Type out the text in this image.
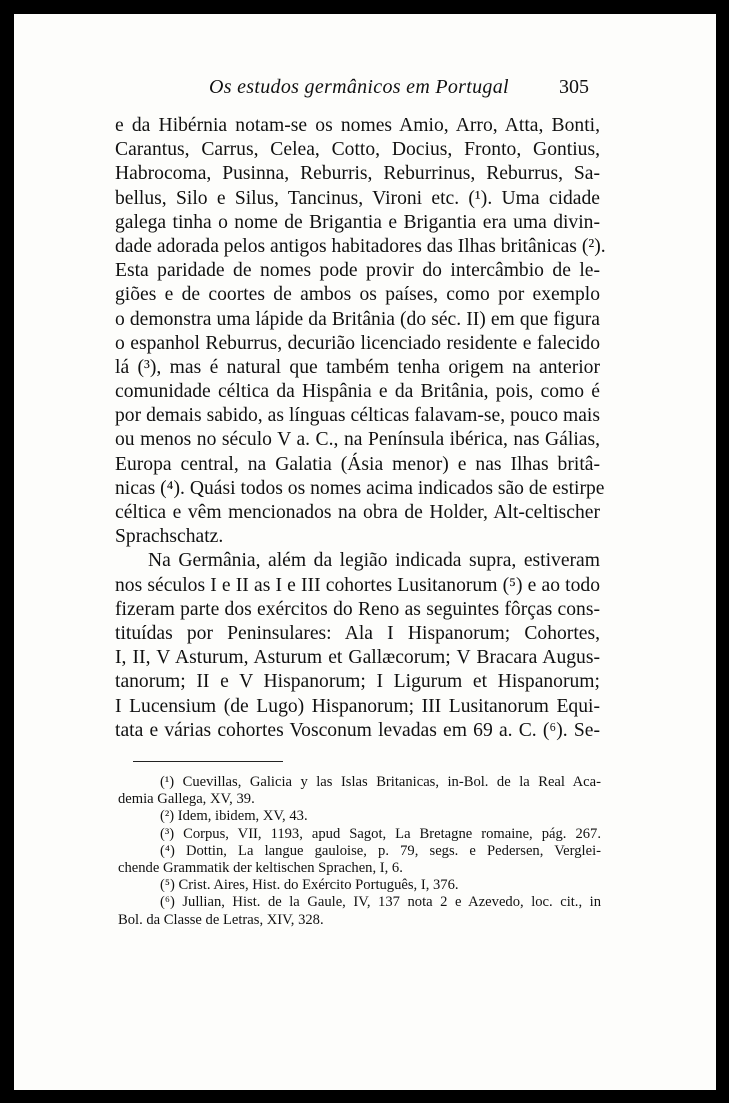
Os estudos germânicos em Portugal	305
e da Hibérnia notam-se os nomes Amio, Arro, Atta, Bonti,
Carantus, Carrus, Celea, Cotto, Docius, Fronto, Gontius,
Habrocoma, Pusinna, Reburris, Reburrinus, Reburrus, Sa-
bellus, Silo e Silus, Tancinus, Vironi etc. (¹). Uma cidade
galega tinha o nome de Brigantia e Brigantia era uma divin-
dade adorada pelos antigos habitadores das Ilhas britânicas (²).
Esta paridade de nomes pode provir do intercâmbio de le-
giões e de coortes de ambos os países, como por exemplo
o demonstra uma lápide da Britânia (do séc. II) em que figura
o espanhol Reburrus, decurião licenciado residente e falecido
lá (³), mas é natural que também tenha origem na anterior
comunidade céltica da Hispânia e da Britânia, pois, como é
por demais sabido, as línguas célticas falavam-se, pouco mais
ou menos no século V a. C., na Península ibérica, nas Gálias,
Europa central, na Galatia (Ásia menor) e nas Ilhas britâ-
nicas (⁴). Quási todos os nomes acima indicados são de estirpe
céltica e vêm mencionados na obra de Holder, Alt-celtischer
Sprachschatz.
Na Germânia, além da legião indicada supra, estiveram
nos séculos I e II as I e III cohortes Lusitanorum (⁵) e ao todo
fizeram parte dos exércitos do Reno as seguintes fôrças cons-
tituídas por Peninsulares: Ala I Hispanorum; Cohortes,
I, II, V Asturum, Asturum et Gallæcorum; V Bracara Augus-
tanorum; II e V Hispanorum; I Ligurum et Hispanorum;
I Lucensium (de Lugo) Hispanorum; III Lusitanorum Equi-
tata e várias cohortes Vosconum levadas em 69 a. C. (⁶). Se-
(¹) Cuevillas, Galicia y las Islas Britanicas, in-Bol. de la Real Aca-
demia Gallega, XV, 39.
(²) Idem, ibidem, XV, 43.
(³) Corpus, VII, 1193, apud Sagot, La Bretagne romaine, pág. 267.
(⁴) Dottin, La langue gauloise, p. 79, segs. e Pedersen, Verglei-
chende Grammatik der keltischen Sprachen, I, 6.
(⁵) Crist. Aires, Hist. do Exército Português, I, 376.
(⁶) Jullian, Hist. de la Gaule, IV, 137 nota 2 e Azevedo, loc. cit., in
Bol. da Classe de Letras, XIV, 328.
